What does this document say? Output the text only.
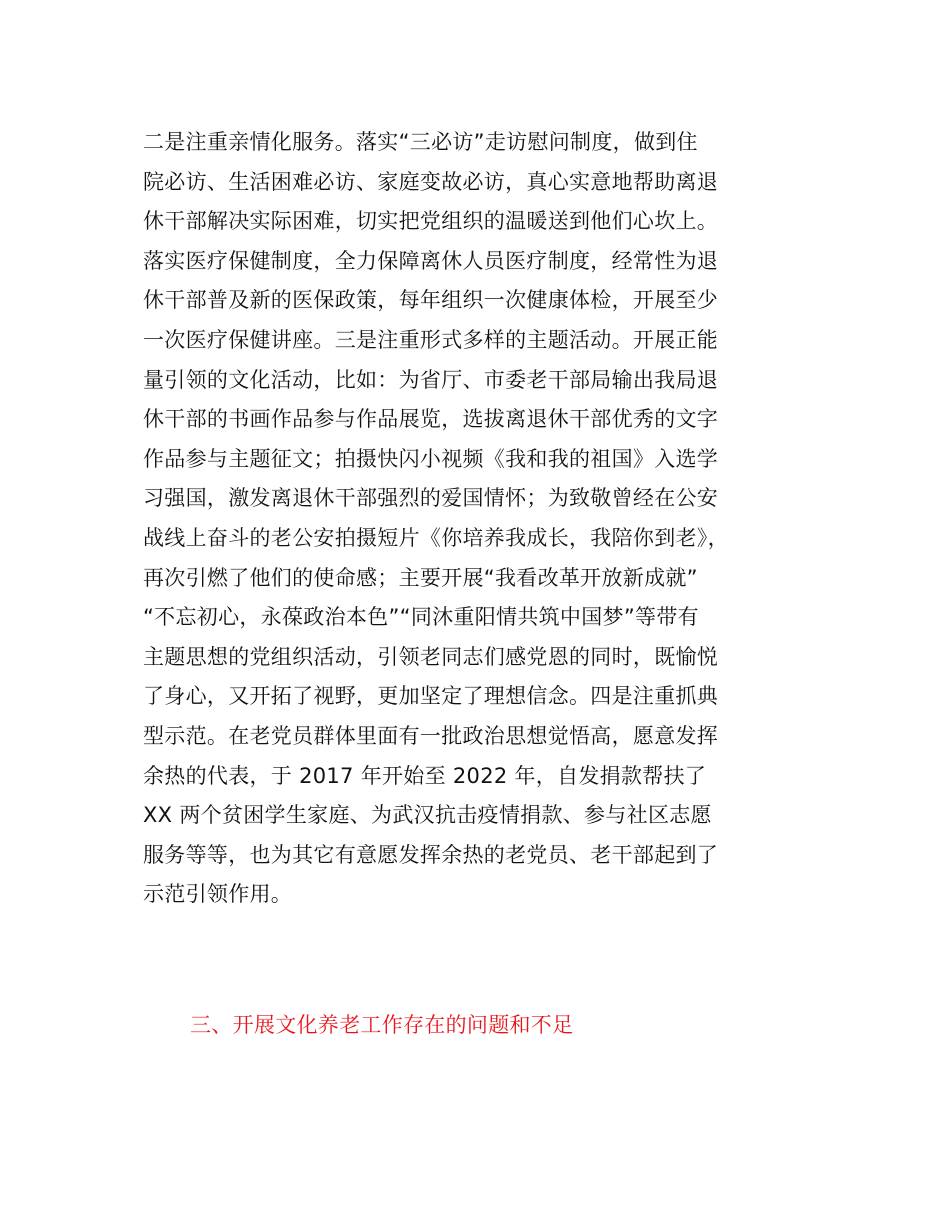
二是注重亲情化服务。落实“三必访”走访慰问制度，做到住
院必访、生活困难必访、家庭变故必访，真心实意地帮助离退
休干部解决实际困难，切实把党组织的温暖送到他们心坎上。
落实医疗保健制度，全力保障离休人员医疗制度，经常性为退
休干部普及新的医保政策，每年组织一次健康体检，开展至少
一次医疗保健讲座。三是注重形式多样的主题活动。开展正能
量引领的文化活动，比如：为省厅、市委老干部局输出我局退
休干部的书画作品参与作品展览，选拔离退休干部优秀的文字
作品参与主题征文；拍摄快闪小视频《我和我的祖国》入选学
习强国，激发离退休干部强烈的爱国情怀；为致敬曾经在公安
战线上奋斗的老公安拍摄短片《你培养我成长，我陪你到老》，
再次引燃了他们的使命感；主要开展“我看改革开放新成就”
“不忘初心，永葆政治本色”“同沐重阳情共筑中国梦”等带有
主题思想的党组织活动，引领老同志们感党恩的同时，既愉悦
了身心，又开拓了视野，更加坚定了理想信念。四是注重抓典
型示范。在老党员群体里面有一批政治思想觉悟高，愿意发挥
余热的代表，于 2017 年开始至 2022 年，自发捐款帮扶了
XX 两个贫困学生家庭、为武汉抗击疫情捐款、参与社区志愿
服务等等，也为其它有意愿发挥余热的老党员、老干部起到了
示范引领作用。
三、开展文化养老工作存在的问题和不足
